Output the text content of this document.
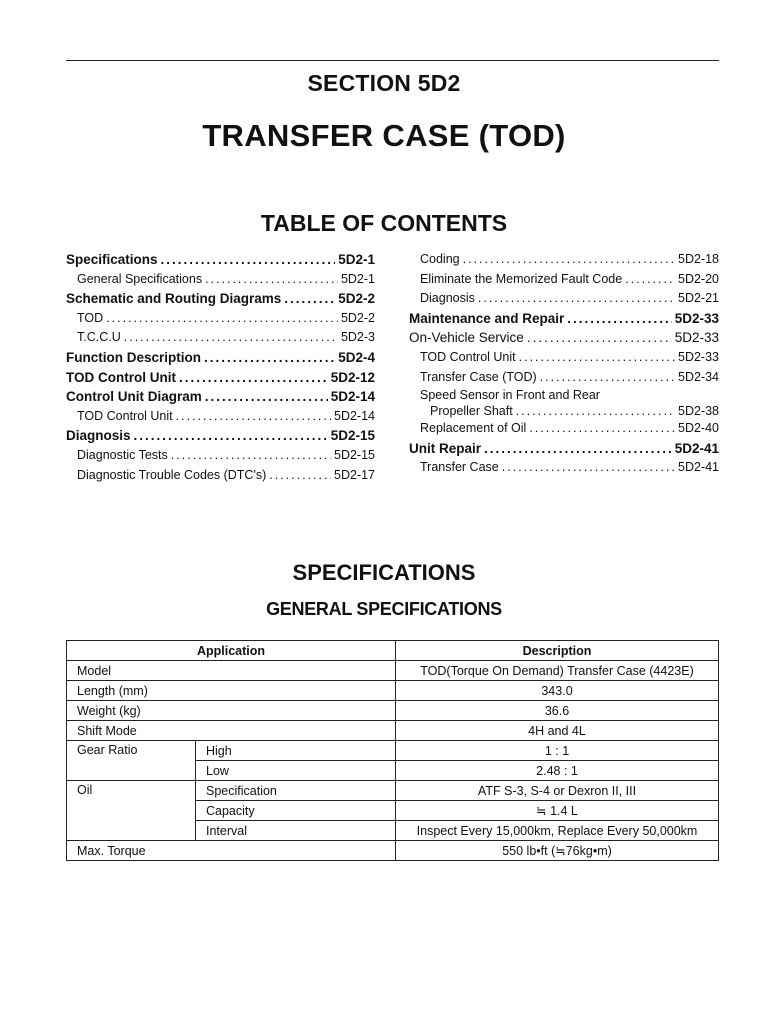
SECTION 5D2
TRANSFER CASE (TOD)
TABLE OF CONTENTS
Specifications .....	5D2-1
General Specifications .....	5D2-1
Schematic and Routing Diagrams .....	5D2-2
TOD .....	5D2-2
T.C.C.U .....	5D2-3
Function Description .....	5D2-4
TOD Control Unit .....	5D2-12
Control Unit Diagram .....	5D2-14
TOD Control Unit .....	5D2-14
Diagnosis .....	5D2-15
Diagnostic Tests .....	5D2-15
Diagnostic Trouble Codes (DTC's) .....	5D2-17
Coding .....	5D2-18
Eliminate the Memorized Fault Code .....	5D2-20
Diagnosis .....	5D2-21
Maintenance and Repair .....	5D2-33
On-Vehicle Service .....	5D2-33
TOD Control Unit .....	5D2-33
Transfer Case (TOD) .....	5D2-34
Speed Sensor in Front and Rear
Propeller Shaft .....	5D2-38
Replacement of Oil .....	5D2-40
Unit Repair .....	5D2-41
Transfer Case .....	5D2-41
SPECIFICATIONS
GENERAL SPECIFICATIONS
Application		Description
Model		TOD(Torque On Demand) Transfer Case (4423E)
Length (mm)		343.0
Weight (kg)		36.6
Shift Mode		4H and 4L
Gear Ratio	High	1 : 1
	Low	2.48 : 1
Oil	Specification	ATF S-3, S-4 or Dexron II, III
	Capacity	≒ 1.4 L
	Interval	Inspect Every 15,000km, Replace Every 50,000km
Max. Torque		550 lb•ft (≒76kg•m)
